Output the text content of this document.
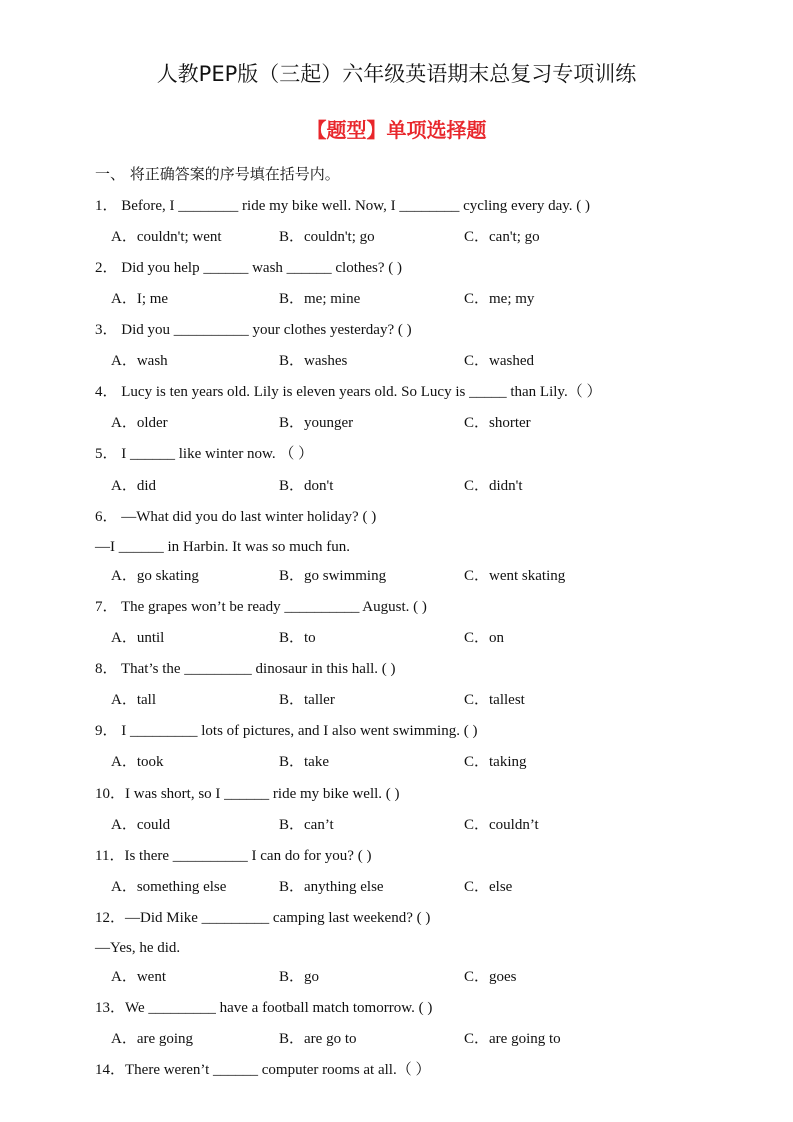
人教PEP版（三起）六年级英语期末总复习专项训练
【题型】单项选择题
一、 将正确答案的序号填在括号内。
1． Before, I ________ ride my bike well. Now, I ________ cycling every day. ( )
A．couldn't; went	B．couldn't; go	C．can't; go
2． Did you help ______ wash ______ clothes? ( )
A．I; me	B．me; mine	C．me; my
3． Did you __________ your clothes yesterday? ( )
A．wash	B．washes	C．washed
4． Lucy is ten years old. Lily is eleven years old. So Lucy is _____ than Lily.（ ）
A．older	B．younger	C．shorter
5． I ______ like winter now. （ ）
A．did	B．don't	C．didn't
6． —What did you do last winter holiday? ( )
—I ______ in Harbin. It was so much fun.
A．go skating	B．go swimming	C．went skating
7． The grapes won’t be ready __________ August. ( )
A．until	B．to	C．on
8． That’s the _________ dinosaur in this hall. ( )
A．tall	B．taller	C．tallest
9． I _________ lots of pictures, and I also went swimming. ( )
A．took	B．take	C．taking
10．I was short, so I ______ ride my bike well. ( )
A．could	B．can’t	C．couldn’t
11．Is there __________ I can do for you? ( )
A．something else	B．anything else	C．else
12．—Did Mike _________ camping last weekend? ( )
—Yes, he did.
A．went	B．go	C．goes
13．We _________ have a football match tomorrow. ( )
A．are going	B．are go to	C．are going to
14．There weren’t ______ computer rooms at all.（ ）
